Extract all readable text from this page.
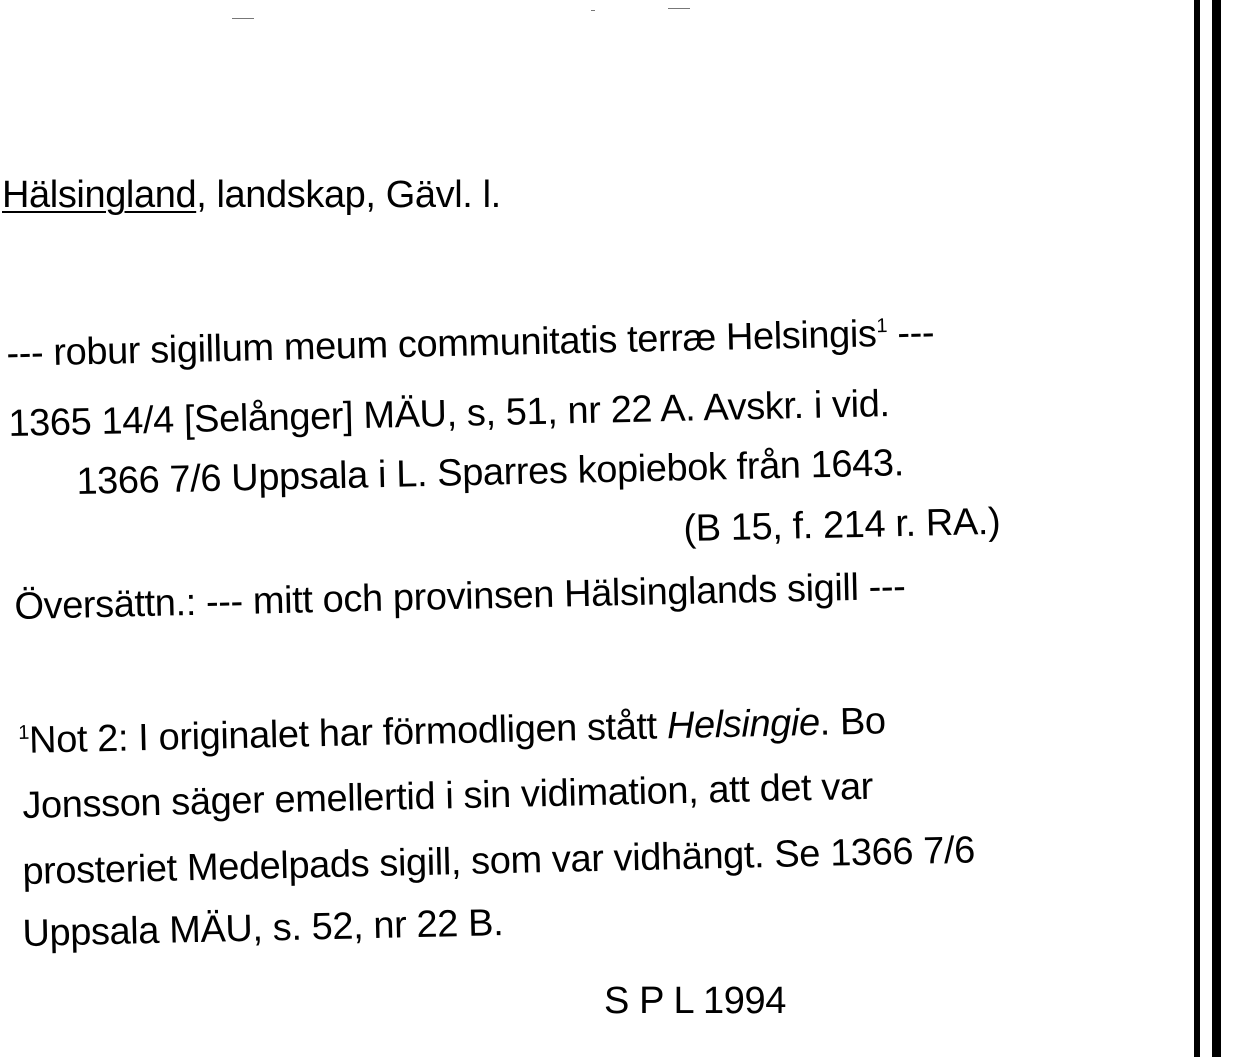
Hälsingland, landskap, Gävl. l.
--- robur sigillum meum communitatis terræ Helsingis$^1$ ---
1365 14/4 [Selånger] MÄU, s, 51, nr 22 A. Avskr. i vid.
1366 7/6 Uppsala i L. Sparres kopiebok från 1643.
(B 15, f. 214 r. RA.)
Översättn.: --- mitt och provinsen Hälsinglands sigill ---
$^1$Not 2: I originalet har förmodligen stått Helsingie. Bo
Jonsson säger emellertid i sin vidimation, att det var
prosteriet Medelpads sigill, som var vidhängt. Se 1366 7/6
Uppsala MÄU, s. 52, nr 22 B.
S P L 1994
